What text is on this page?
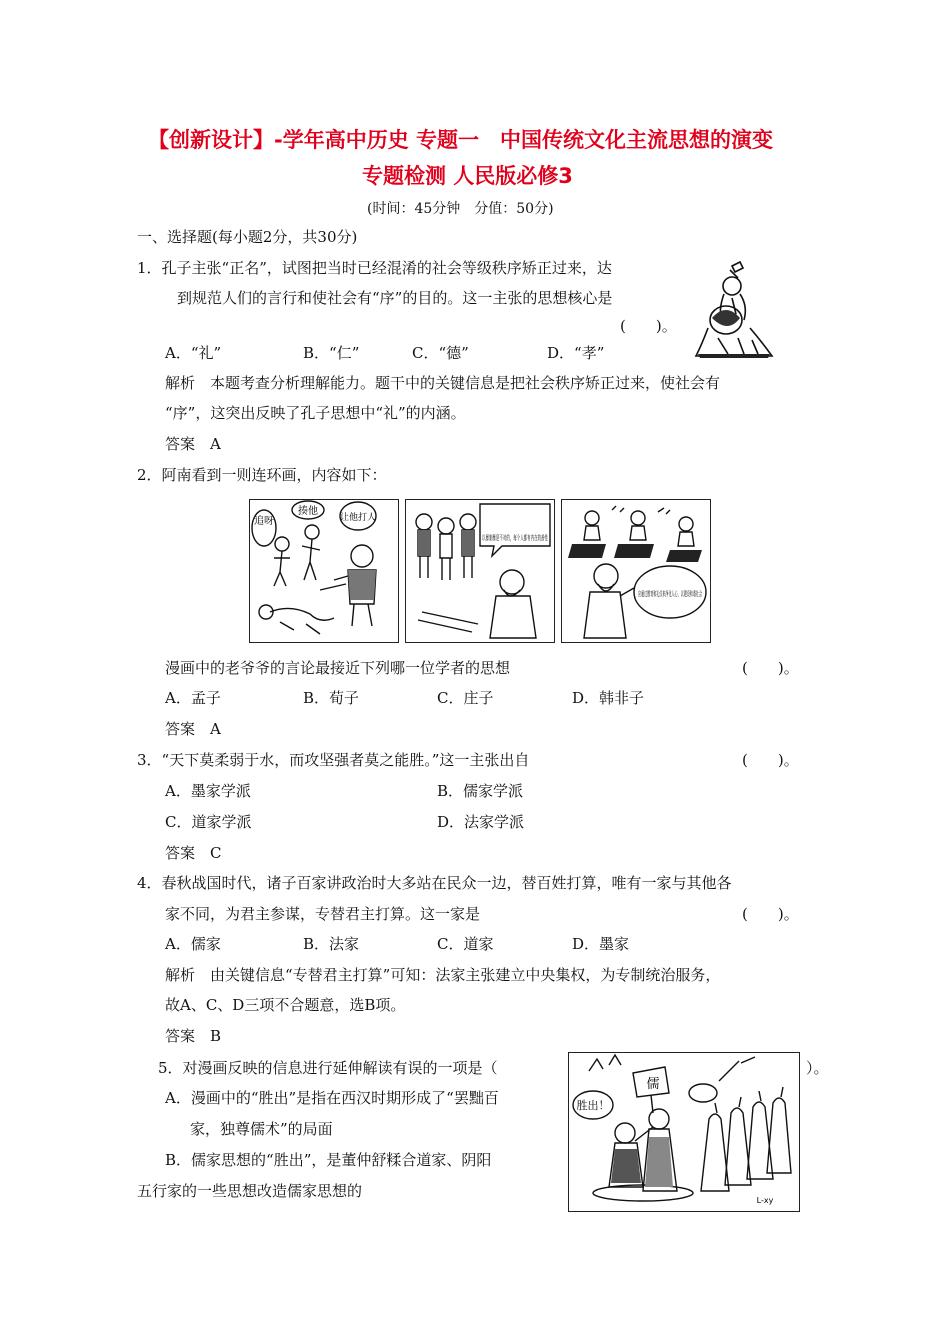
【创新设计】-学年高中历史 专题一　中国传统文化主流思想的演变
专题检测 人民版必修3
(时间：45分钟　分值：50分)
一、选择题(每小题2分，共30分)
1．孔子主张“正名”，试图把当时已经混淆的社会等级秩序矫正过来，达
到规范人们的言行和使社会有“序”的目的。这一主张的思想核心是
(　　)。
A．“礼”	B．“仁”	C．“德”	D．“孝”
解析　本题考查分析理解能力。题干中的关键信息是把社会秩序矫正过来，使社会有
“序”，这突出反映了孔子思想中“礼”的内涵。
答案　A
2．阿南看到一则连环画，内容如下：
追呀
揍他
让他打人
以暴制暴是不对的，每个人都有内在的善性
应通过教育和礼仪来净化人心，以建设和谐社会
漫画中的老爷爷的言论最接近下列哪一位学者的思想	(　　)。
A．孟子	B．荀子	C．庄子	D．韩非子
答案　A
3．“天下莫柔弱于水，而攻坚强者莫之能胜。”这一主张出自	(　　)。
A．墨家学派	B．儒家学派
C．道家学派	D．法家学派
答案　C
4．春秋战国时代，诸子百家讲政治时大多站在民众一边，替百姓打算，唯有一家与其他各
家不同，为君主参谋，专替君主打算。这一家是	(　　)。
A．儒家	B．法家	C．道家	D．墨家
解析　由关键信息“专替君主打算”可知：法家主张建立中央集权，为专制统治服务，
故A、C、D三项不合题意，选B项。
答案　B
5．对漫画反映的信息进行延伸解读有误的一项是（	）。
A．漫画中的“胜出”是指在西汉时期形成了“罢黜百
家，独尊儒术”的局面
B．儒家思想的“胜出”，是董仲舒糅合道家、阴阳
五行家的一些思想改造儒家思想的
胜出！
儒
L-xy
